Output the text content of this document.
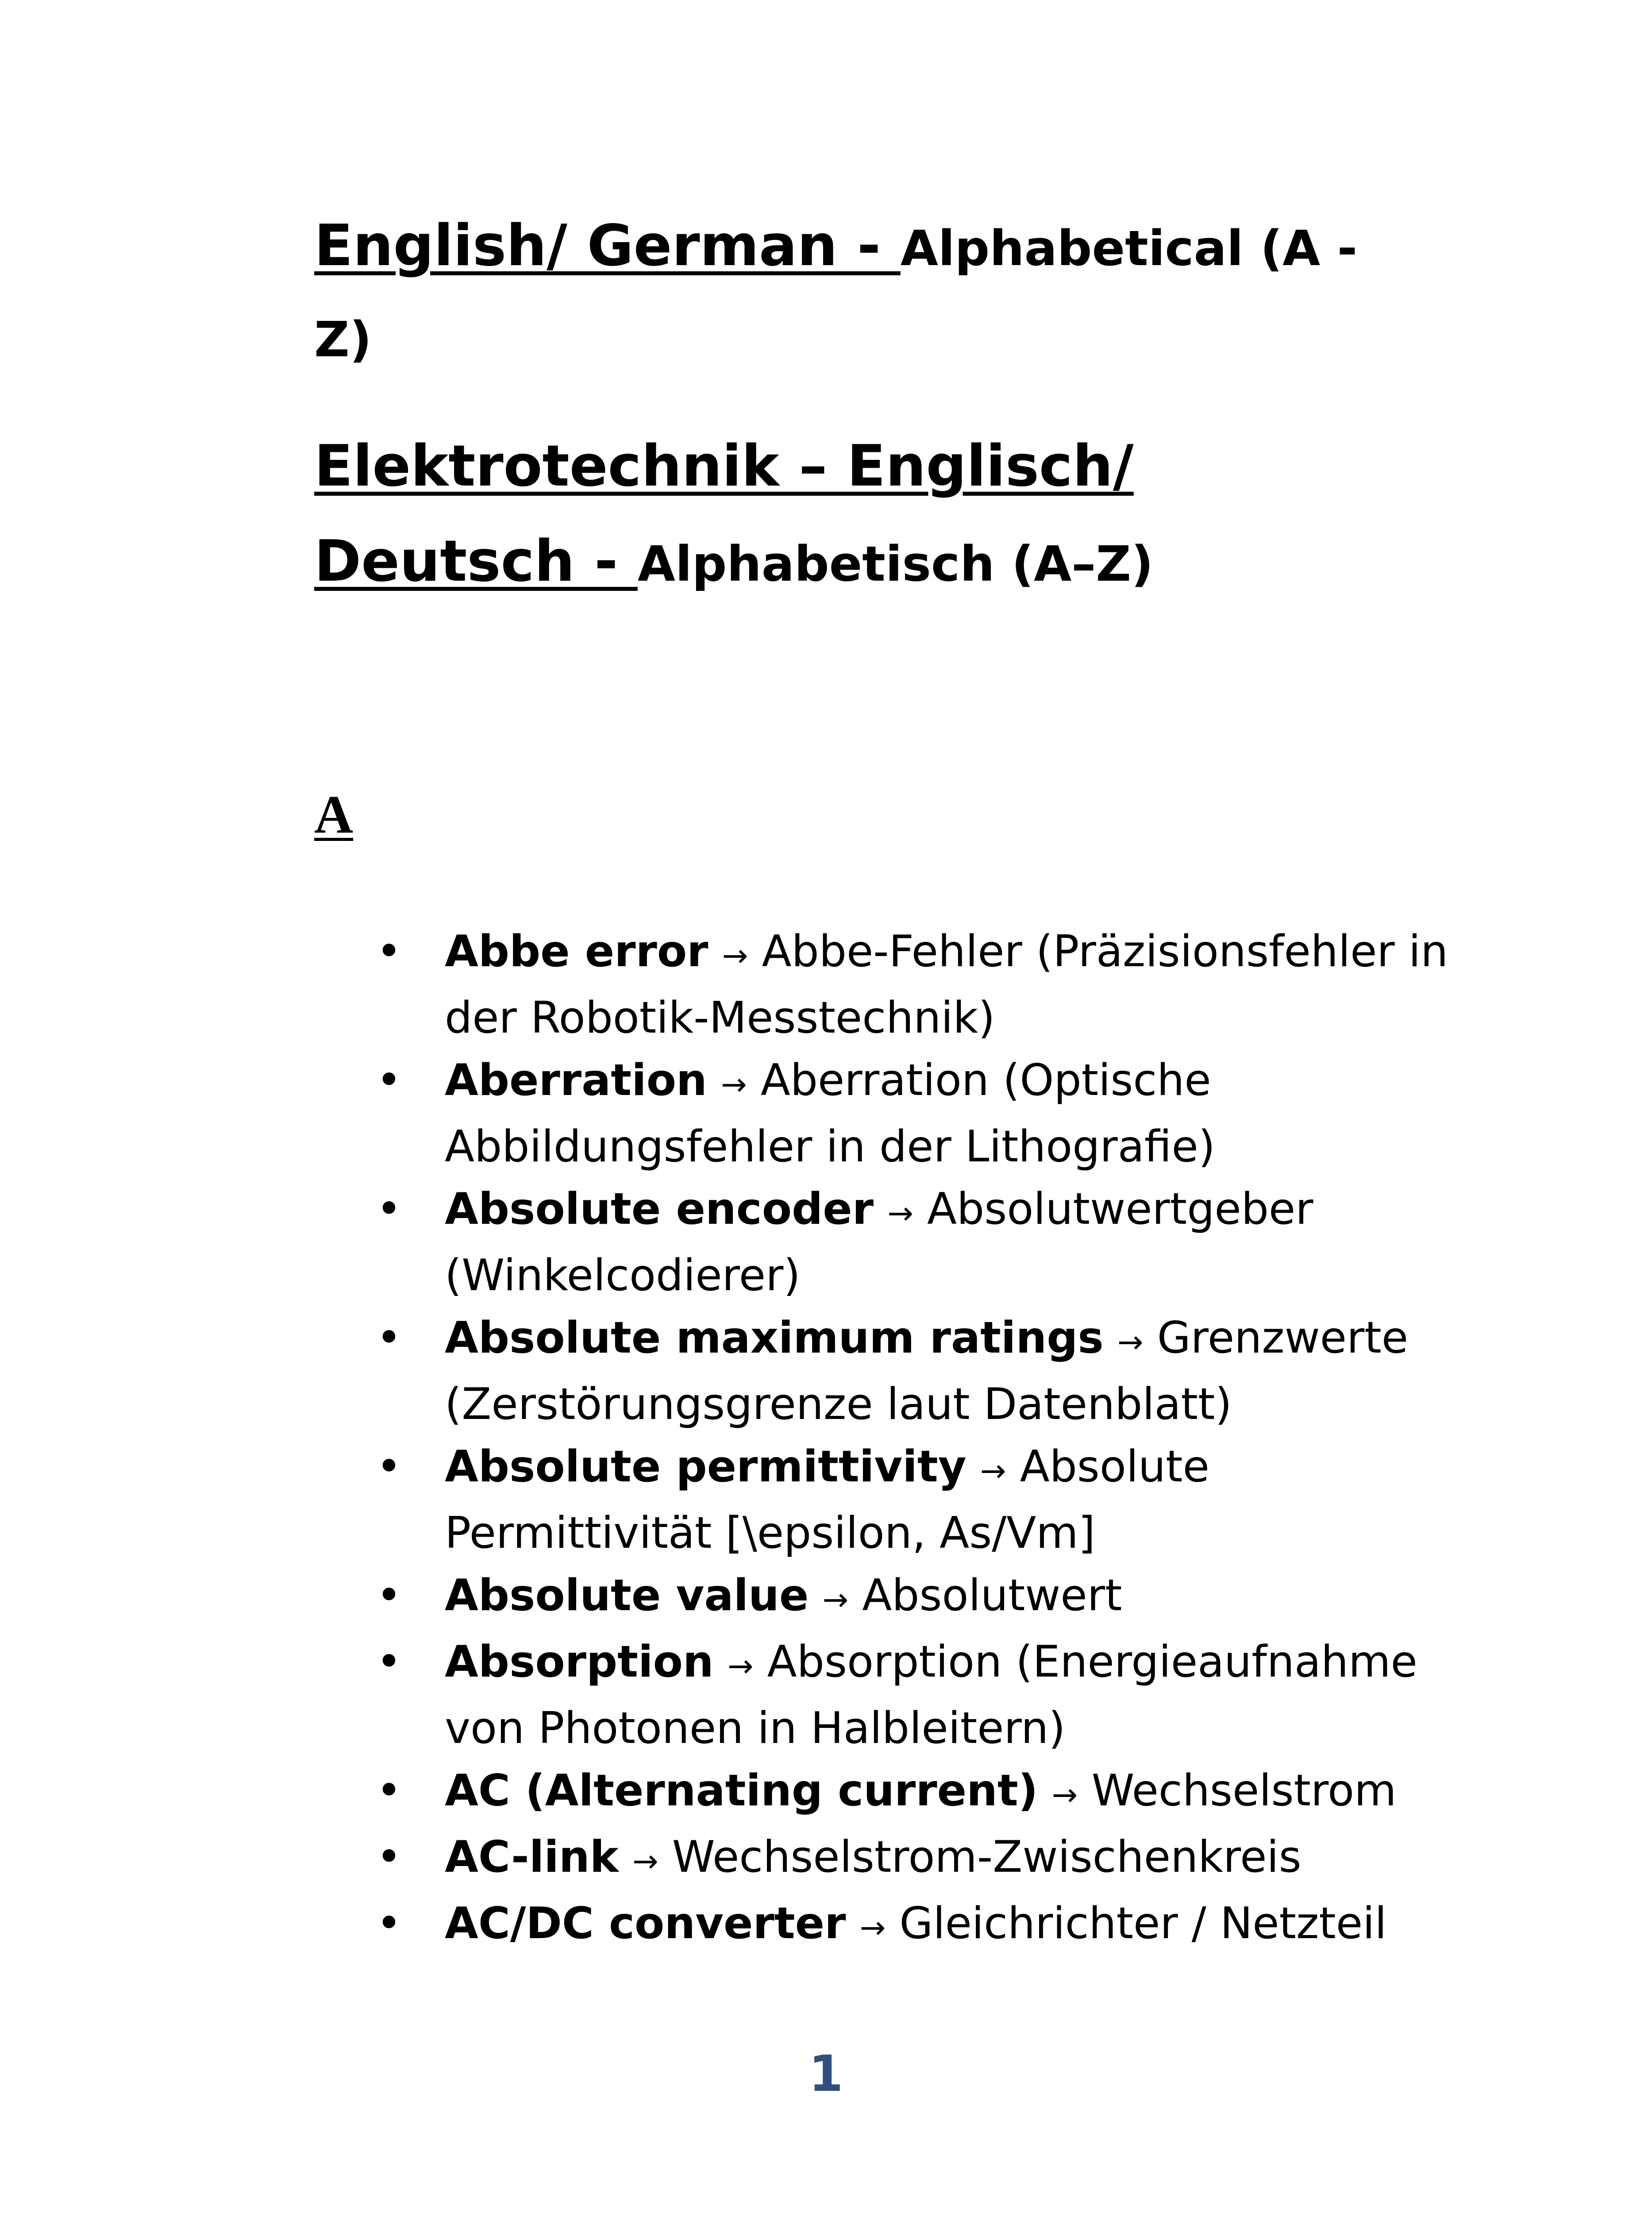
English/ German - Alphabetical (A -
Z)
Elektrotechnik – Englisch/
Deutsch - Alphabetisch (A–Z)
A
• Abbe error → Abbe-Fehler (Präzisionsfehler in der Robotik-Messtechnik)
• Aberration → Aberration (Optische Abbildungsfehler in der Lithografie)
• Absolute encoder → Absolutwertgeber (Winkelcodierer)
• Absolute maximum ratings → Grenzwerte (Zerstörungsgrenze laut Datenblatt)
• Absolute permittivity → Absolute Permittivität [\epsilon, As/Vm]
• Absolute value → Absolutwert
• Absorption → Absorption (Energieaufnahme von Photonen in Halbleitern)
• AC (Alternating current) → Wechselstrom
• AC-link → Wechselstrom-Zwischenkreis
• AC/DC converter → Gleichrichter / Netzteil
1
